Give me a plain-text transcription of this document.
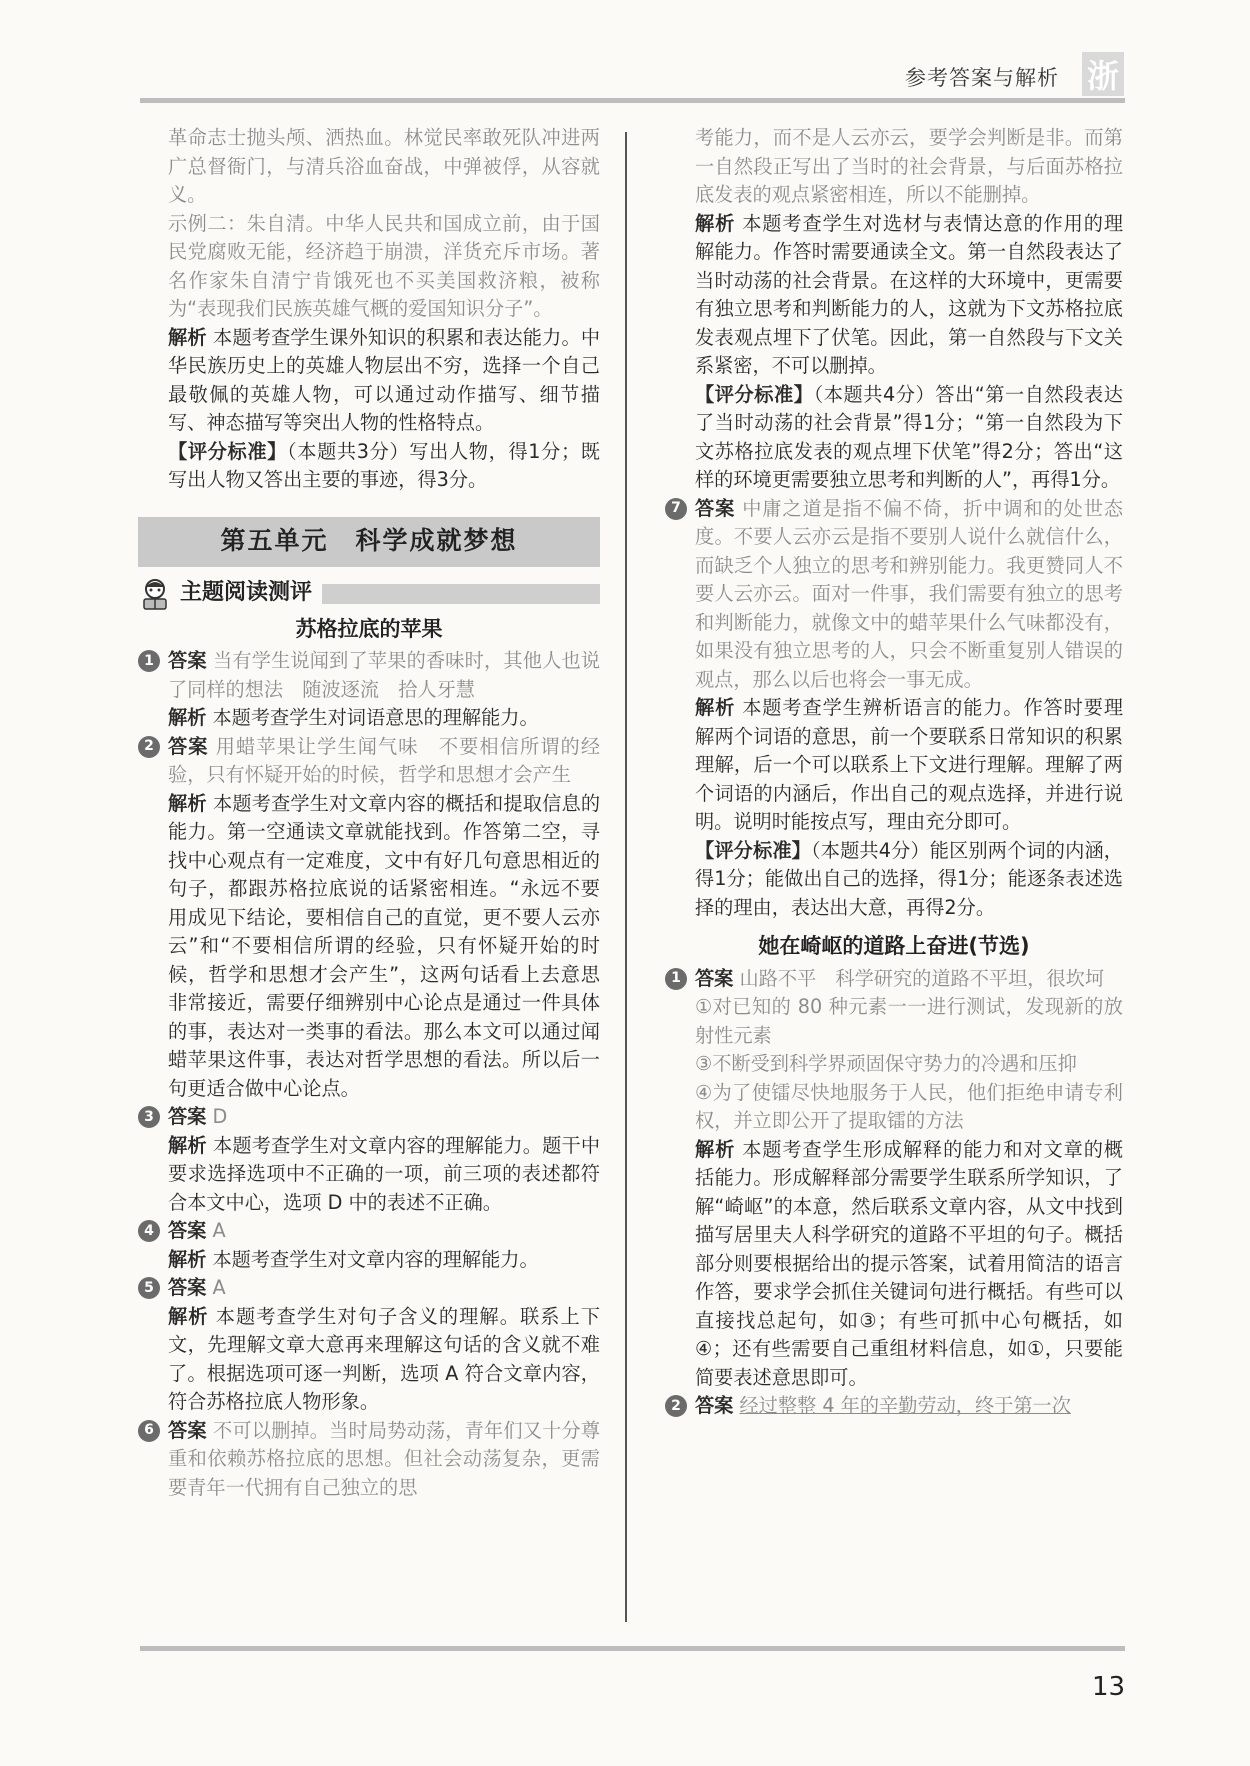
参考答案与解析 浙

革命志士抛头颅、洒热血。林觉民率敢死队冲进两广总督衙门，与清兵浴血奋战，中弹被俘，从容就义。

示例二：朱自清。中华人民共和国成立前，由于国民党腐败无能，经济趋于崩溃，洋货充斥市场。著名作家朱自清宁肯饿死也不买美国救济粮，被称为“表现我们民族英雄气概的爱国知识分子”。

解析 本题考查学生课外知识的积累和表达能力。中华民族历史上的英雄人物层出不穷，选择一个自己最敬佩的英雄人物，可以通过动作描写、细节描写、神态描写等突出人物的性格特点。

【评分标准】（本题共3分）写出人物，得1分；既写出人物又答出主要的事迹，得3分。

第五单元　科学成就梦想
主题阅读测评
苏格拉底的苹果
1 答案 当有学生说闻到了苹果的香味时，其他人也说了同样的想法　随波逐流　拾人牙慧

解析 本题考查学生对词语意思的理解能力。

2 答案 用蜡苹果让学生闻气味　不要相信所谓的经验，只有怀疑开始的时候，哲学和思想才会产生

解析 本题考查学生对文章内容的概括和提取信息的能力。第一空通读文章就能找到。作答第二空，寻找中心观点有一定难度，文中有好几句意思相近的句子，都跟苏格拉底说的话紧密相连。“永远不要用成见下结论，要相信自己的直觉，更不要人云亦云”和“不要相信所谓的经验，只有怀疑开始的时候，哲学和思想才会产生”，这两句话看上去意思非常接近，需要仔细辨别中心论点是通过一件具体的事，表达对一类事的看法。那么本文可以通过闻蜡苹果这件事，表达对哲学思想的看法。所以后一句更适合做中心论点。

3 答案 D

解析 本题考查学生对文章内容的理解能力。题干中要求选择选项中不正确的一项，前三项的表述都符合本文中心，选项 D 中的表述不正确。

4 答案 A

解析 本题考查学生对文章内容的理解能力。

5 答案 A

解析 本题考查学生对句子含义的理解。联系上下文，先理解文章大意再来理解这句话的含义就不难了。根据选项可逐一判断，选项 A 符合文章内容，符合苏格拉底人物形象。

6 答案 不可以删掉。当时局势动荡，青年们又十分尊重和依赖苏格拉底的思想。但社会动荡复杂，更需要青年一代拥有自己独立的思

考能力，而不是人云亦云，要学会判断是非。而第一自然段正写出了当时的社会背景，与后面苏格拉底发表的观点紧密相连，所以不能删掉。

解析 本题考查学生对选材与表情达意的作用的理解能力。作答时需要通读全文。第一自然段表达了当时动荡的社会背景。在这样的大环境中，更需要有独立思考和判断能力的人，这就为下文苏格拉底发表观点埋下了伏笔。因此，第一自然段与下文关系紧密，不可以删掉。

【评分标准】（本题共4分）答出“第一自然段表达了当时动荡的社会背景”得1分；“第一自然段为下文苏格拉底发表的观点埋下伏笔”得2分；答出“这样的环境更需要独立思考和判断的人”，再得1分。

7 答案 中庸之道是指不偏不倚，折中调和的处世态度。不要人云亦云是指不要别人说什么就信什么，而缺乏个人独立的思考和辨别能力。我更赞同人不要人云亦云。面对一件事，我们需要有独立的思考和判断能力，就像文中的蜡苹果什么气味都没有，如果没有独立思考的人，只会不断重复别人错误的观点，那么以后也将会一事无成。

解析 本题考查学生辨析语言的能力。作答时要理解两个词语的意思，前一个要联系日常知识的积累理解，后一个可以联系上下文进行理解。理解了两个词语的内涵后，作出自己的观点选择，并进行说明。说明时能按点写，理由充分即可。

【评分标准】（本题共4分）能区别两个词的内涵，得1分；能做出自己的选择，得1分；能逐条表述选择的理由，表达出大意，再得2分。

她在崎岖的道路上奋进(节选)
1 答案 山路不平　科学研究的道路不平坦，很坎坷

①对已知的 80 种元素一一进行测试，发现新的放射性元素

③不断受到科学界顽固保守势力的冷遇和压抑

④为了使镭尽快地服务于人民，他们拒绝申请专利权，并立即公开了提取镭的方法

解析 本题考查学生形成解释的能力和对文章的概括能力。形成解释部分需要学生联系所学知识，了解“崎岖”的本意，然后联系文章内容，从文中找到描写居里夫人科学研究的道路不平坦的句子。概括部分则要根据给出的提示答案，试着用简洁的语言作答，要求学会抓住关键词句进行概括。有些可以直接找总起句，如③；有些可抓中心句概括，如④；还有些需要自己重组材料信息，如①，只要能简要表述意思即可。

2 答案 经过整整 4 年的辛勤劳动，终于第一次

13
